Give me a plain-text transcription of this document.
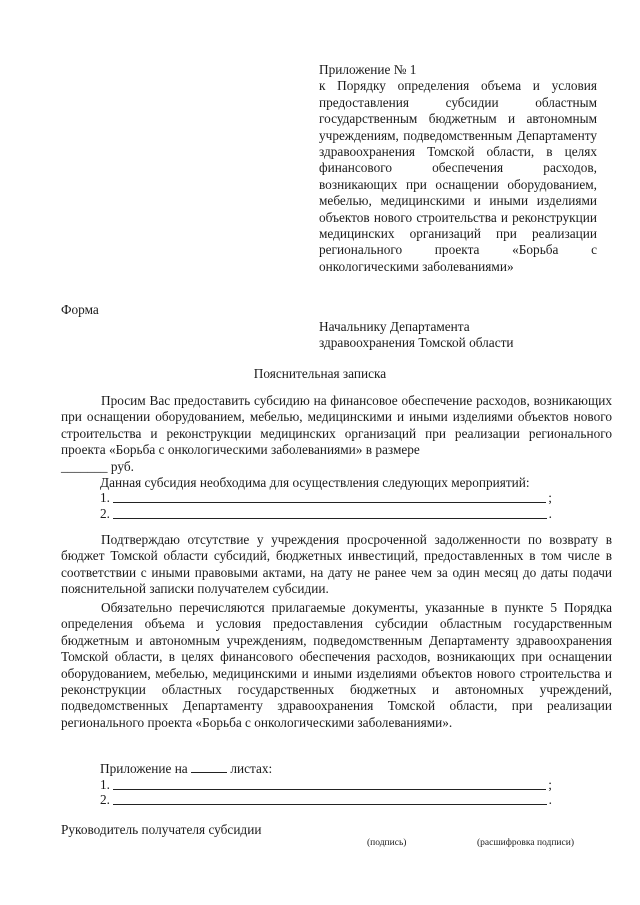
Приложение № 1
к Порядку определения объема и условия предоставления субсидии областным государственным бюджетным и автономным учреждениям, подведомственным Департаменту здравоохранения Томской области, в целях финансового обеспечения расходов, возникающих при оснащении оборудованием, мебелью, медицинскими и иными изделиями объектов нового строительства и реконструкции медицинских организаций при реализации регионального проекта «Борьба с онкологическими заболеваниями»
Форма
Начальнику Департамента
здравоохранения Томской области
Пояснительная записка
Просим Вас предоставить субсидию на финансовое обеспечение расходов, возникающих при оснащении оборудованием, мебелью, медицинскими и иными изделиями объектов нового строительства и реконструкции медицинских организаций при реализации регионального проекта «Борьба с онкологическими заболеваниями» в размере
_______ руб.
Данная субсидия необходима для осуществления следующих мероприятий:
1.	;
2.	.
Подтверждаю отсутствие у учреждения просроченной задолженности по возврату в бюджет Томской области субсидий, бюджетных инвестиций, предоставленных в том числе в соответствии с иными правовыми актами, на дату не ранее чем за один месяц до даты подачи пояснительной записки получателем субсидии.
Обязательно перечисляются прилагаемые документы, указанные в пункте 5 Порядка определения объема и условия предоставления субсидии областным государственным бюджетным и автономным учреждениям, подведомственным Департаменту здравоохранения Томской области, в целях финансового обеспечения расходов, возникающих при оснащении оборудованием, мебелью, медицинскими и иными изделиями объектов нового строительства и реконструкции областных государственных бюджетных и автономных учреждений, подведомственных Департаменту здравоохранения Томской области, при реализации регионального проекта «Борьба с онкологическими заболеваниями».
Приложение на	листах:
1.	;
2.	.
Руководитель получателя субсидии
(подпись)	(расшифровка подписи)
